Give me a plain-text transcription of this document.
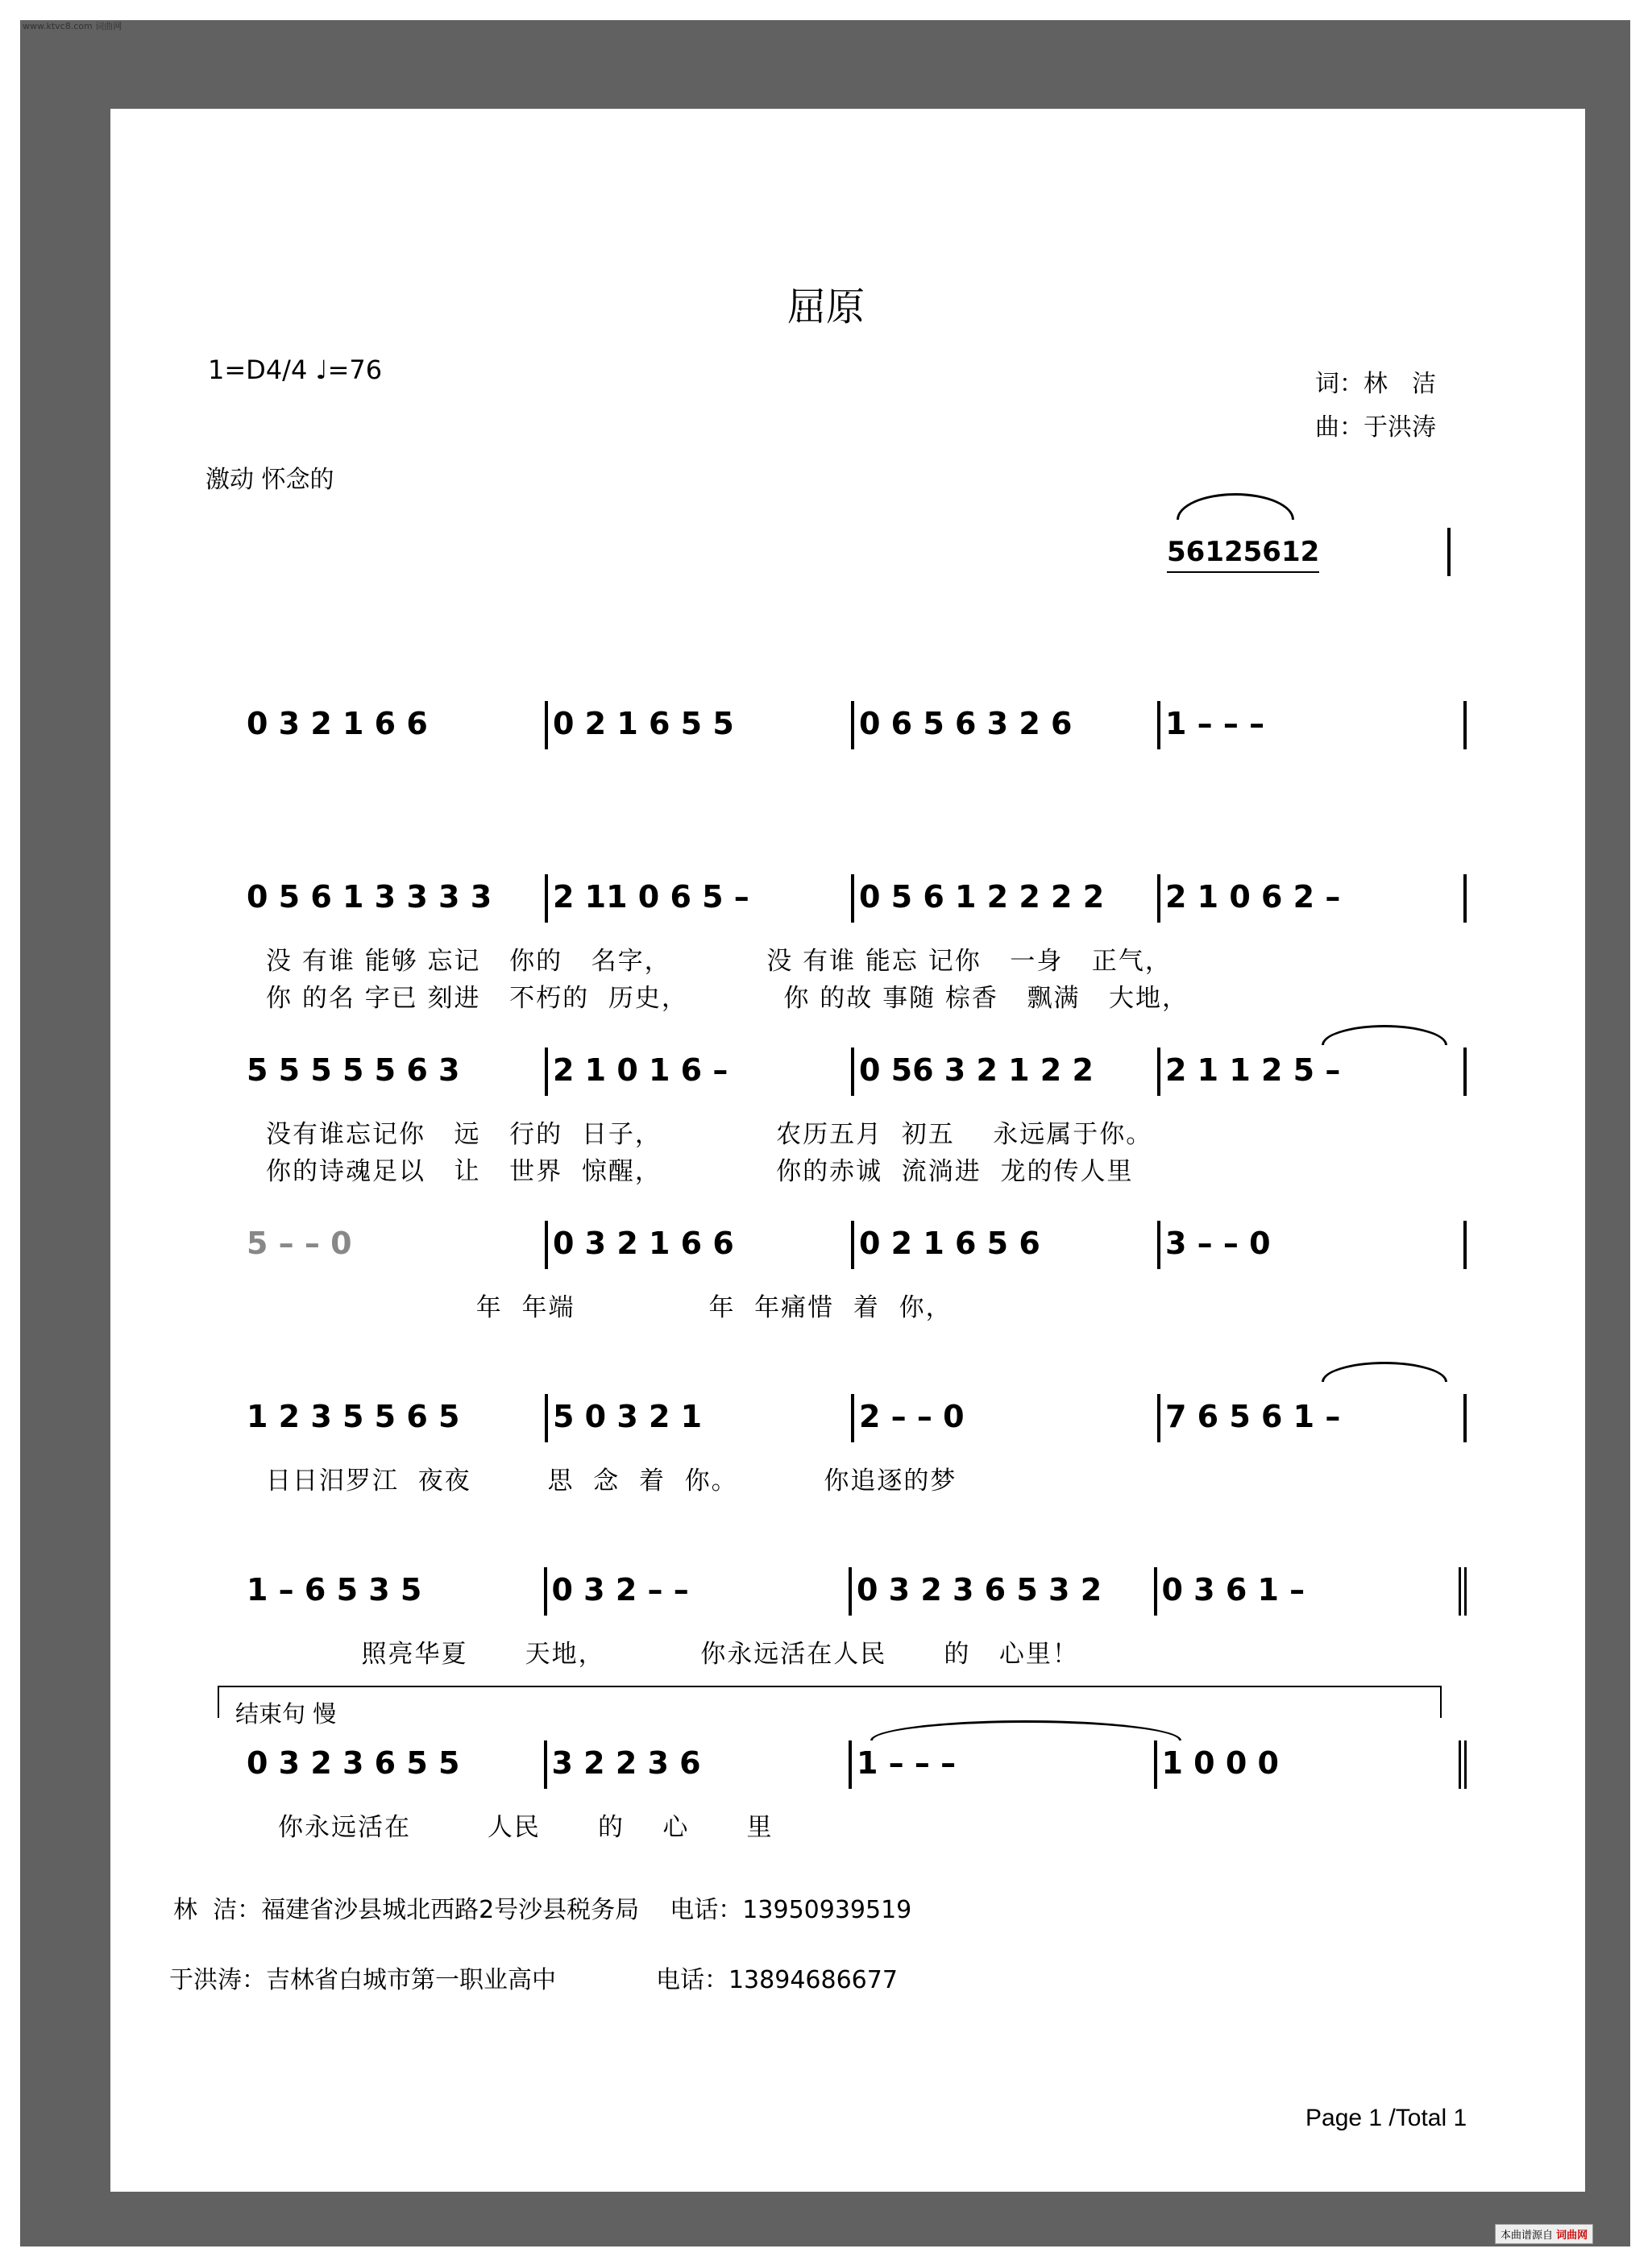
www.ktvc8.com 词曲网
屈原
1=D4/4 ♩=76	词：林　洁
曲：于洪涛
激动 怀念的
56125612
0 3 2 1 6 6	0 2 1 6 5 5	0 6 5 6 3 2 6	1 – – –
0 5 6 1 3 3 3 3	2 11 0 6 5 –	0 5 6 1 2 2 2 2	2 1 0 6 2 –
没 有谁 能够 忘记   你的   名字，          没 有谁 能忘 记你   一身   正气，
你 的名 字已 刻进   不朽的  历史，          你 的故 事随 棕香   飘满   大地，
5 5 5 5 5 6 3	2 1 0 1 6 –	0 56 3 2 1 2 2	2 1 1 2 5 –
没有谁忘记你   远   行的  日子，            农历五月  初五    永远属于你。
你的诗魂足以   让   世界  惊醒，            你的赤诚  流淌进  龙的传人里
5 – – 0	0 3 2 1 6 6	0 2 1 6 5 6	3 – – 0
年  年端              年  年痛惜  着  你，
1 2 3 5 5 6 5	5 0 3 2 1	2 – – 0	7 6 5 6 1 –
日日汨罗江  夜夜        思  念  着  你。         你追逐的梦
1 – 6 5 3 5	0 3 2 – –	0 3 2 3 6 5 3 2	0 3 6 1 –
照亮华夏      天地，          你永远活在人民      的   心里！
结束句 慢
0 3 2 3 6 5 5	3 2 2 3 6	1 – – –	1 0 0 0
你永远活在        人民      的    心      里
林  洁：福建省沙县城北西路2号沙县税务局    电话：13950939519
于洪涛：吉林省白城市第一职业高中             电话：13894686677
Page 1 /Total 1
本曲谱源自 词曲网
